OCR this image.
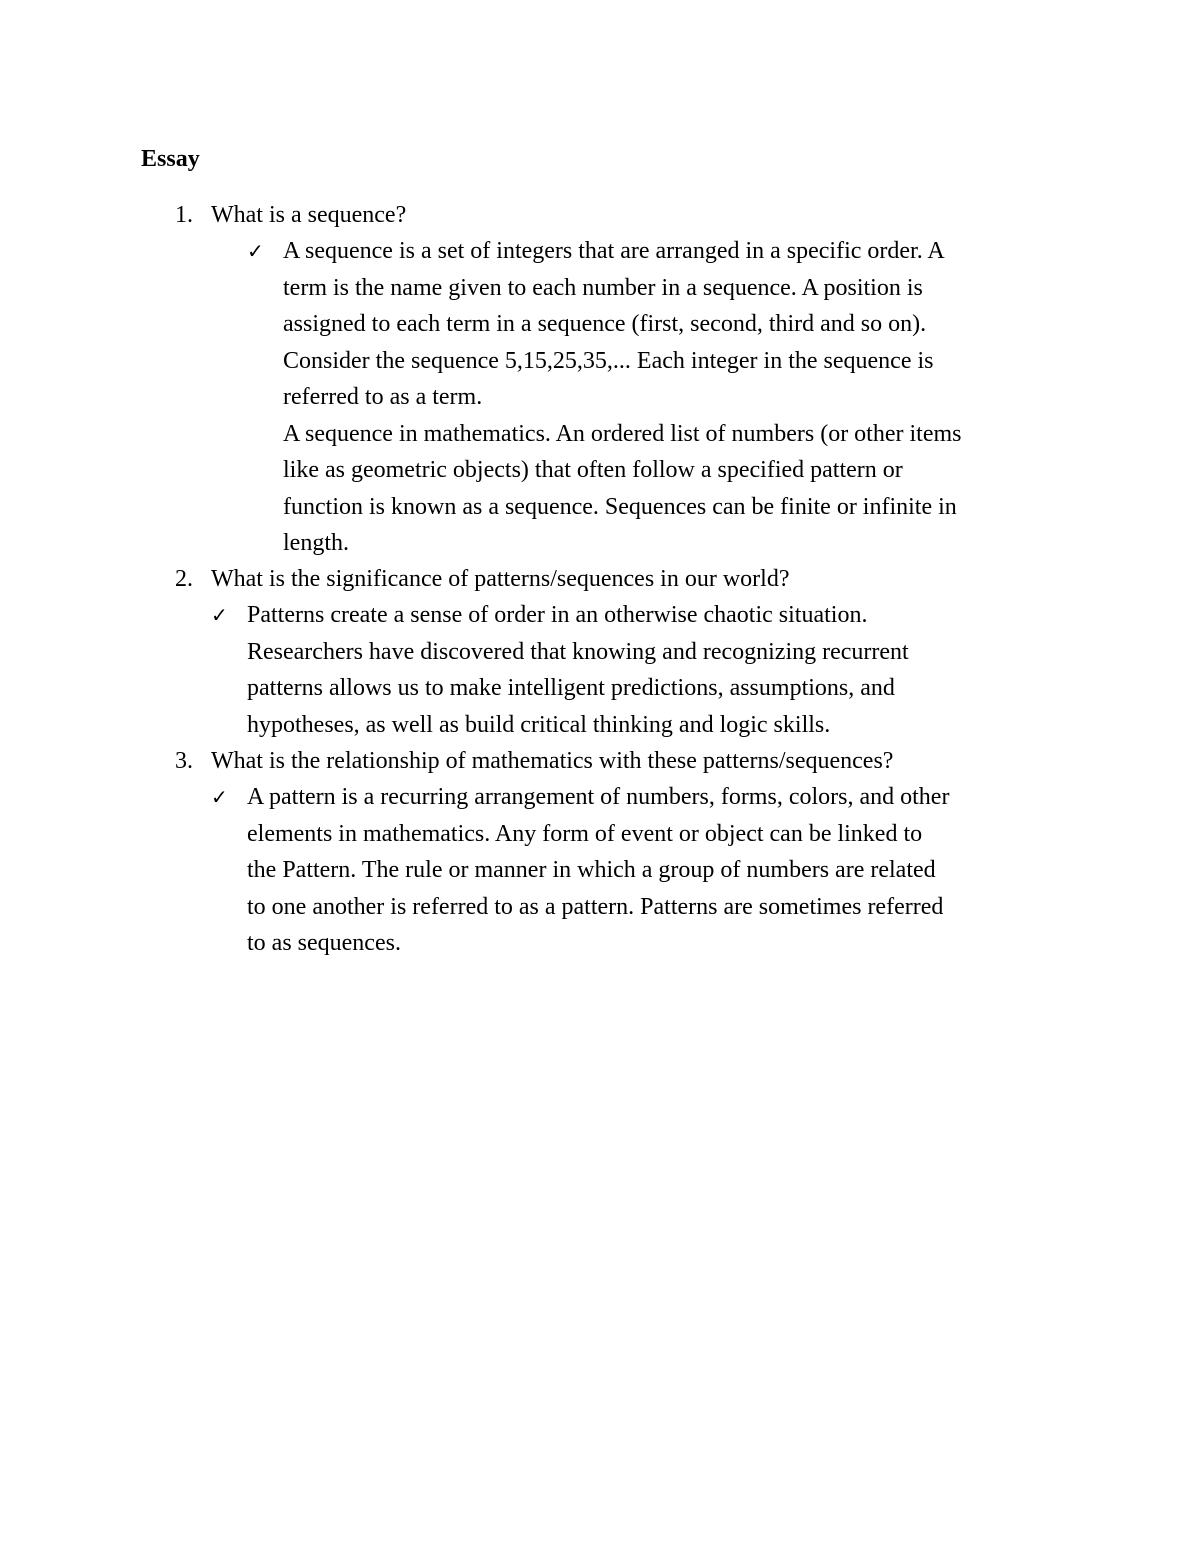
Essay
1. What is a sequence?
✓ A sequence is a set of integers that are arranged in a specific order. A
term is the name given to each number in a sequence. A position is
assigned to each term in a sequence (first, second, third and so on).
Consider the sequence 5,15,25,35,... Each integer in the sequence is
referred to as a term.
A sequence in mathematics. An ordered list of numbers (or other items
like as geometric objects) that often follow a specified pattern or
function is known as a sequence. Sequences can be finite or infinite in
length.
2. What is the significance of patterns/sequences in our world?
✓ Patterns create a sense of order in an otherwise chaotic situation.
Researchers have discovered that knowing and recognizing recurrent
patterns allows us to make intelligent predictions, assumptions, and
hypotheses, as well as build critical thinking and logic skills.
3. What is the relationship of mathematics with these patterns/sequences?
✓ A pattern is a recurring arrangement of numbers, forms, colors, and other
elements in mathematics. Any form of event or object can be linked to
the Pattern. The rule or manner in which a group of numbers are related
to one another is referred to as a pattern. Patterns are sometimes referred
to as sequences.
